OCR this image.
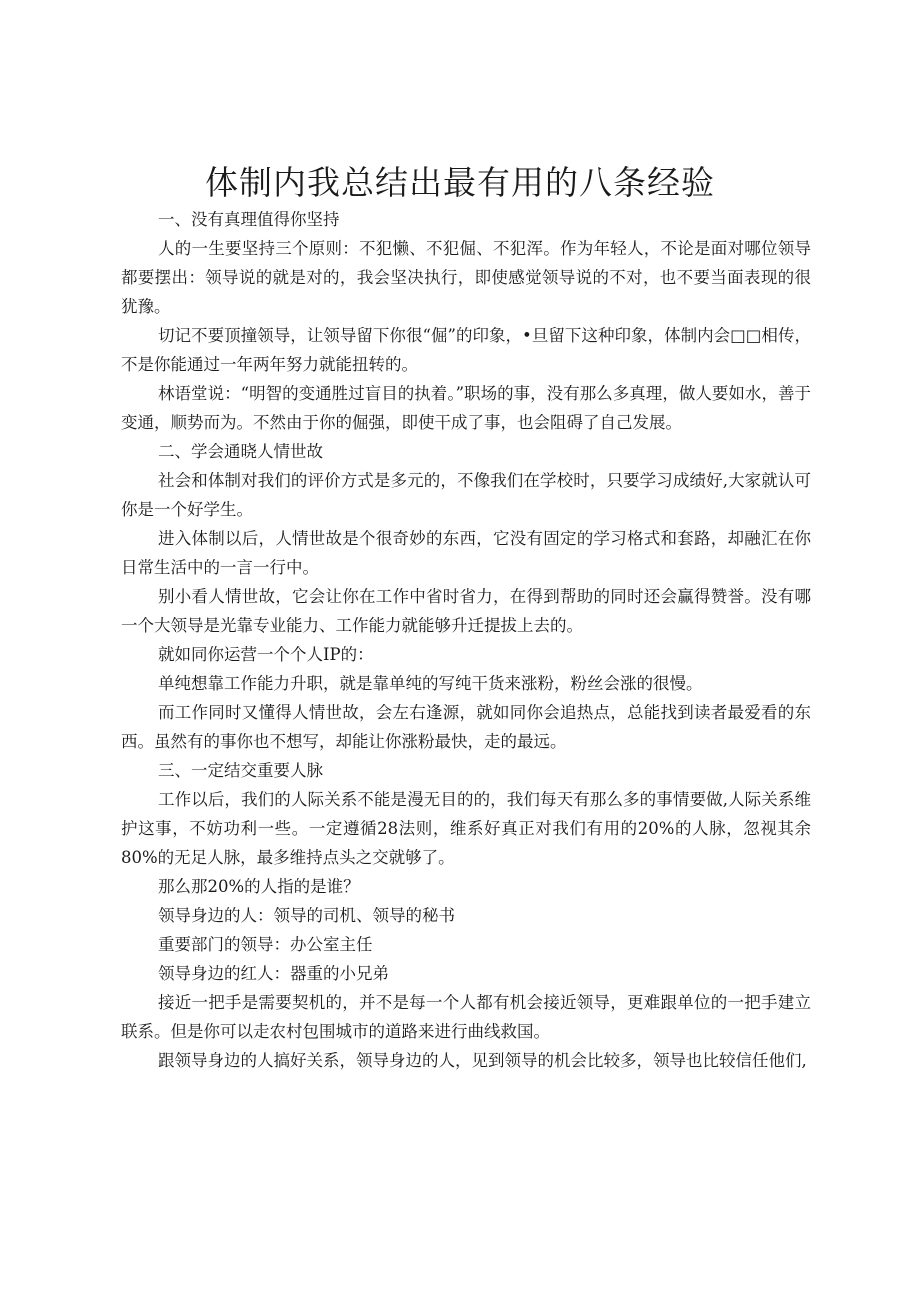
体制内我总结出最有用的八条经验

一、没有真理值得你坚持

人的一生要坚持三个原则：不犯懒、不犯倔、不犯浑。作为年轻人，不论是面对哪位领导都要摆出：领导说的就是对的，我会坚决执行，即使感觉领导说的不对，也不要当面表现的很犹豫。

切记不要顶撞领导，让领导留下你很“倔”的印象，•旦留下这种印象，体制内会□□相传，不是你能通过一年两年努力就能扭转的。

林语堂说：“明智的变通胜过盲目的执着。”职场的事，没有那么多真理，做人要如水，善于变通，顺势而为。不然由于你的倔强，即使干成了事，也会阻碍了自己发展。

二、学会通晓人情世故

社会和体制对我们的评价方式是多元的，不像我们在学校时，只要学习成绩好,大家就认可你是一个好学生。

进入体制以后，人情世故是个很奇妙的东西，它没有固定的学习格式和套路，却融汇在你日常生活中的一言一行中。

别小看人情世故，它会让你在工作中省时省力，在得到帮助的同时还会赢得赞誉。没有哪一个大领导是光靠专业能力、工作能力就能够升迁提拔上去的。

就如同你运营一个个人IP的：

单纯想靠工作能力升职，就是靠单纯的写纯干货来涨粉，粉丝会涨的很慢。

而工作同时又懂得人情世故，会左右逢源，就如同你会追热点，总能找到读者最爱看的东西。虽然有的事你也不想写，却能让你涨粉最快，走的最远。

三、一定结交重要人脉

工作以后，我们的人际关系不能是漫无目的的，我们每天有那么多的事情要做,人际关系维护这事，不妨功利一些。一定遵循28法则，维系好真正对我们有用的20%的人脉，忽视其余80%的无足人脉，最多维持点头之交就够了。

那么那20%的人指的是谁？

领导身边的人：领导的司机、领导的秘书

重要部门的领导：办公室主任

领导身边的红人：器重的小兄弟

接近一把手是需要契机的，并不是每一个人都有机会接近领导，更难跟单位的一把手建立联系。但是你可以走农村包围城市的道路来进行曲线救国。

跟领导身边的人搞好关系，领导身边的人，见到领导的机会比较多，领导也比较信任他们,
